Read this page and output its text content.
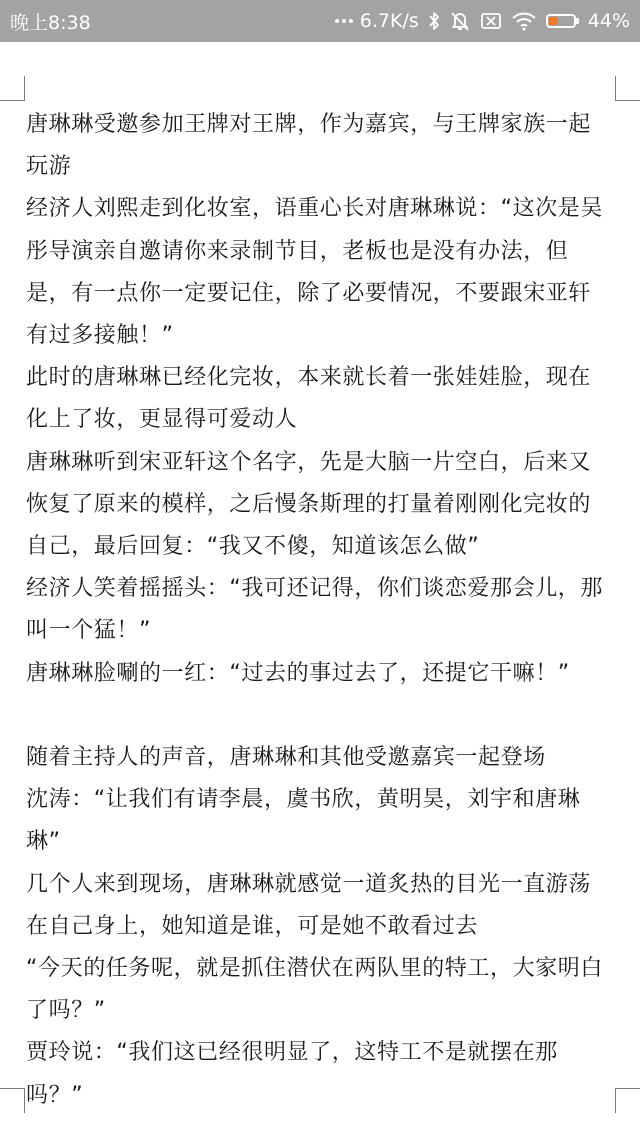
晚上8:38	6.7K/s	44%

唐琳琳受邀参加王牌对王牌，作为嘉宾，与王牌家族一起玩游

经济人刘熙走到化妆室，语重心长对唐琳琳说：“这次是吴彤导演亲自邀请你来录制节目，老板也是没有办法，但是，有一点你一定要记住，除了必要情况，不要跟宋亚轩有过多接触！”

此时的唐琳琳已经化完妆，本来就长着一张娃娃脸，现在化上了妆，更显得可爱动人

唐琳琳听到宋亚轩这个名字，先是大脑一片空白，后来又恢复了原来的模样，之后慢条斯理的打量着刚刚化完妆的自己，最后回复：“我又不傻，知道该怎么做”

经济人笑着摇摇头：“我可还记得，你们谈恋爱那会儿，那叫一个猛！”

唐琳琳脸唰的一红：“过去的事过去了，还提它干嘛！”

随着主持人的声音，唐琳琳和其他受邀嘉宾一起登场

沈涛：“让我们有请李晨，虞书欣，黄明昊，刘宇和唐琳琳”

几个人来到现场，唐琳琳就感觉一道炙热的目光一直游荡在自己身上，她知道是谁，可是她不敢看过去

“今天的任务呢，就是抓住潜伏在两队里的特工，大家明白了吗？”

贾玲说：“我们这已经很明显了，这特工不是就摆在那吗？”
